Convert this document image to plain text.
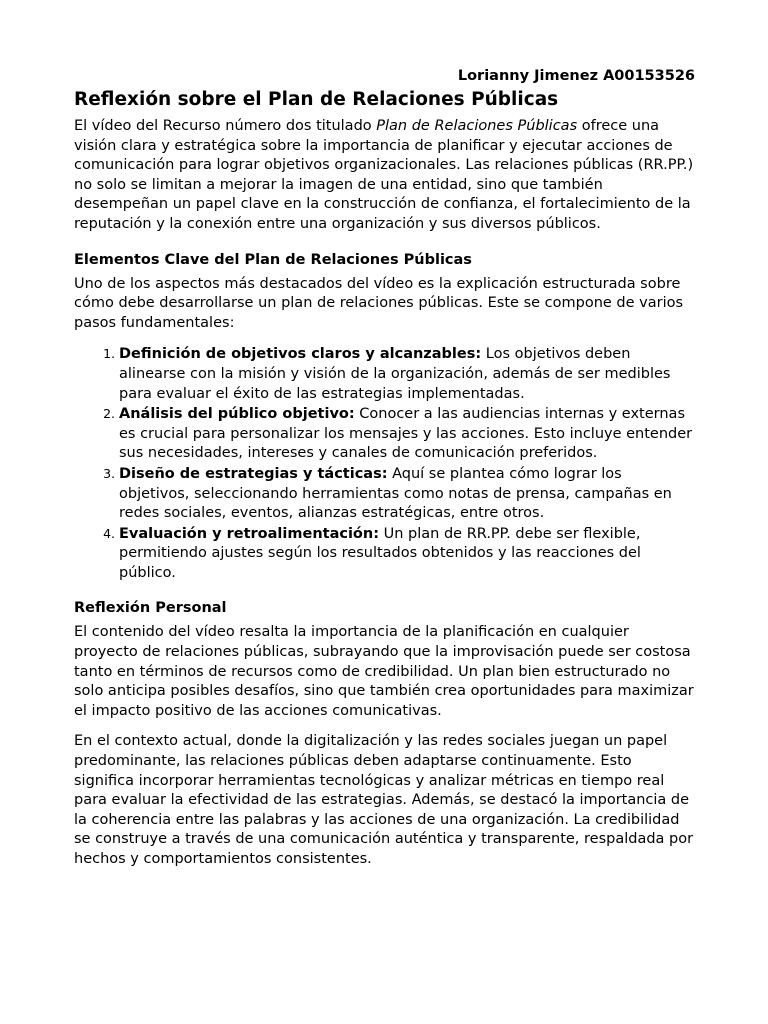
Lorianny Jimenez A00153526
Reflexión sobre el Plan de Relaciones Públicas

El vídeo del Recurso número dos titulado Plan de Relaciones Públicas ofrece una visión clara y estratégica sobre la importancia de planificar y ejecutar acciones de comunicación para lograr objetivos organizacionales. Las relaciones públicas (RR.PP.) no solo se limitan a mejorar la imagen de una entidad, sino que también desempeñan un papel clave en la construcción de confianza, el fortalecimiento de la reputación y la conexión entre una organización y sus diversos públicos.

Elementos Clave del Plan de Relaciones Públicas

Uno de los aspectos más destacados del vídeo es la explicación estructurada sobre cómo debe desarrollarse un plan de relaciones públicas. Este se compone de varios pasos fundamentales:

1. Definición de objetivos claros y alcanzables: Los objetivos deben alinearse con la misión y visión de la organización, además de ser medibles para evaluar el éxito de las estrategias implementadas.
2. Análisis del público objetivo: Conocer a las audiencias internas y externas es crucial para personalizar los mensajes y las acciones. Esto incluye entender sus necesidades, intereses y canales de comunicación preferidos.
3. Diseño de estrategias y tácticas: Aquí se plantea cómo lograr los objetivos, seleccionando herramientas como notas de prensa, campañas en redes sociales, eventos, alianzas estratégicas, entre otros.
4. Evaluación y retroalimentación: Un plan de RR.PP. debe ser flexible, permitiendo ajustes según los resultados obtenidos y las reacciones del público.
Reflexión Personal

El contenido del vídeo resalta la importancia de la planificación en cualquier proyecto de relaciones públicas, subrayando que la improvisación puede ser costosa tanto en términos de recursos como de credibilidad. Un plan bien estructurado no solo anticipa posibles desafíos, sino que también crea oportunidades para maximizar el impacto positivo de las acciones comunicativas.

En el contexto actual, donde la digitalización y las redes sociales juegan un papel predominante, las relaciones públicas deben adaptarse continuamente. Esto significa incorporar herramientas tecnológicas y analizar métricas en tiempo real para evaluar la efectividad de las estrategias. Además, se destacó la importancia de la coherencia entre las palabras y las acciones de una organización. La credibilidad se construye a través de una comunicación auténtica y transparente, respaldada por hechos y comportamientos consistentes.
